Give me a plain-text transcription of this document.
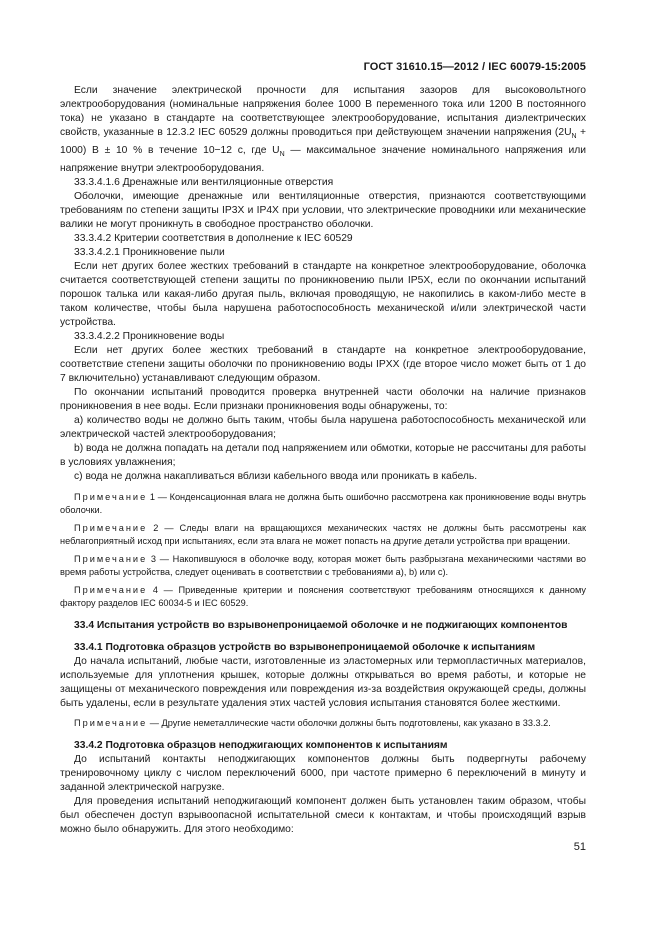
ГОСТ 31610.15—2012 / IEC 60079-15:2005

Если значение электрической прочности для испытания зазоров для высоковольтного электрооборудования (номинальные напряжения более 1000 В переменного тока или 1200 В постоянного тока) не указано в стандарте на соответствующее электрооборудование, испытания диэлектрических свойств, указанные в 12.3.2 IEC 60529 должны проводиться при действующем значении напряжения $(2U_N + 1000) В \pm 10$ % в течение 10−12 с, где $U_N$ — максимальное значение номинального напряжения или напряжение внутри электрооборудования.

33.3.4.1.6 Дренажные или вентиляционные отверстия

Оболочки, имеющие дренажные или вентиляционные отверстия, признаются соответствующими требованиям по степени защиты IP3X и IP4X при условии, что электрические проводники или механические валики не могут проникнуть в свободное пространство оболочки.

33.3.4.2 Критерии соответствия в дополнение к IEC 60529

33.3.4.2.1 Проникновение пыли

Если нет других более жестких требований в стандарте на конкретное электрооборудование, оболочка считается соответствующей степени защиты по проникновению пыли IP5X, если по окончании испытаний порошок талька или какая-либо другая пыль, включая проводящую, не накопились в каком-либо месте в таком количестве, чтобы была нарушена работоспособность механической и/или электрической части устройства.

33.3.4.2.2 Проникновение воды

Если нет других более жестких требований в стандарте на конкретное электрооборудование, соответствие степени защиты оболочки по проникновению воды IPXX (где второе число может быть от 1 до 7 включительно) устанавливают следующим образом.

По окончании испытаний проводится проверка внутренней части оболочки на наличие признаков проникновения в нее воды. Если признаки проникновения воды обнаружены, то:

a) количество воды не должно быть таким, чтобы была нарушена работоспособность механической или электрической частей электрооборудования;

b) вода не должна попадать на детали под напряжением или обмотки, которые не рассчитаны для работы в условиях увлажнения;

c) вода не должна накапливаться вблизи кабельного ввода или проникать в кабель.

Примечание 1 — Конденсационная влага не должна быть ошибочно рассмотрена как проникновение воды внутрь оболочки.

Примечание 2 — Следы влаги на вращающихся механических частях не должны быть рассмотрены как неблагоприятный исход при испытаниях, если эта влага не может попасть на другие детали устройства при вращении.

Примечание 3 — Накопившуюся в оболочке воду, которая может быть разбрызгана механическими частями во время работы устройства, следует оценивать в соответствии с требованиями а), b) или с).

Примечание 4 — Приведенные критерии и пояснения соответствуют требованиям относящихся к данному фактору разделов IEC 60034-5 и IEC 60529.

33.4 Испытания устройств во взрывонепроницаемой оболочке и не поджигающих компонентов

33.4.1 Подготовка образцов устройств во взрывонепроницаемой оболочке к испытаниям

До начала испытаний, любые части, изготовленные из эластомерных или термопластичных материалов, используемые для уплотнения крышек, которые должны открываться во время работы, и которые не защищены от механического повреждения или повреждения из-за воздействия окружающей среды, должны быть удалены, если в результате удаления этих частей условия испытания становятся более жесткими.

Примечание — Другие неметаллические части оболочки должны быть подготовлены, как указано в 33.3.2.

33.4.2 Подготовка образцов неподжигающих компонентов к испытаниям

До испытаний контакты неподжигающих компонентов должны быть подвергнуты рабочему тренировочному циклу с числом переключений 6000, при частоте примерно 6 переключений в минуту и заданной электрической нагрузке.

Для проведения испытаний неподжигающий компонент должен быть установлен таким образом, чтобы был обеспечен доступ взрывоопасной испытательной смеси к контактам, и чтобы происходящий взрыв можно было обнаружить. Для этого необходимо:

51
